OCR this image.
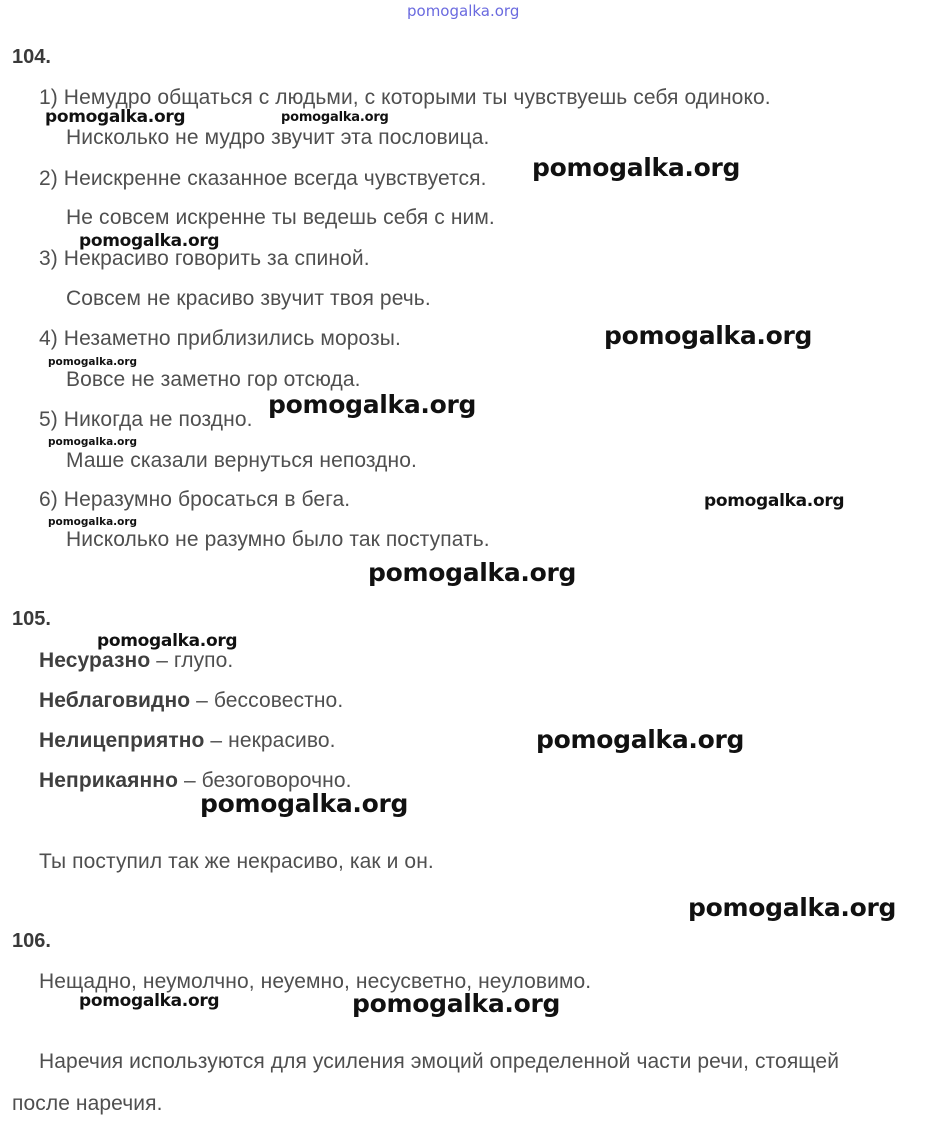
pomogalka.org
104.
1) Немудро общаться с людьми, с которыми ты чувствуешь себя одиноко.
Нисколько не мудро звучит эта пословица.
2) Неискренне сказанное всегда чувствуется.
Не совсем искренне ты ведешь себя с ним.
3) Некрасиво говорить за спиной.
Совсем не красиво звучит твоя речь.
4) Незаметно приблизились морозы.
Вовсе не заметно гор отсюда.
5) Никогда не поздно.
Маше сказали вернуться непоздно.
6) Неразумно бросаться в бега.
Нисколько не разумно было так поступать.
105.
Несуразно – глупо.
Неблаговидно – бессовестно.
Нелицеприятно – некрасиво.
Неприкаянно – безоговорочно.
Ты поступил так же некрасиво, как и он.
106.
Нещадно, неумолчно, неуемно, несусветно, неуловимо.
Наречия используются для усиления эмоций определенной части речи, стоящей
после наречия.
pomogalka.org	pomogalka.org
pomogalka.org
pomogalka.org
pomogalka.org
pomogalka.org
pomogalka.org
pomogalka.org
pomogalka.org
pomogalka.org
pomogalka.org
pomogalka.org
pomogalka.org
pomogalka.org
pomogalka.org
pomogalka.org	pomogalka.org
